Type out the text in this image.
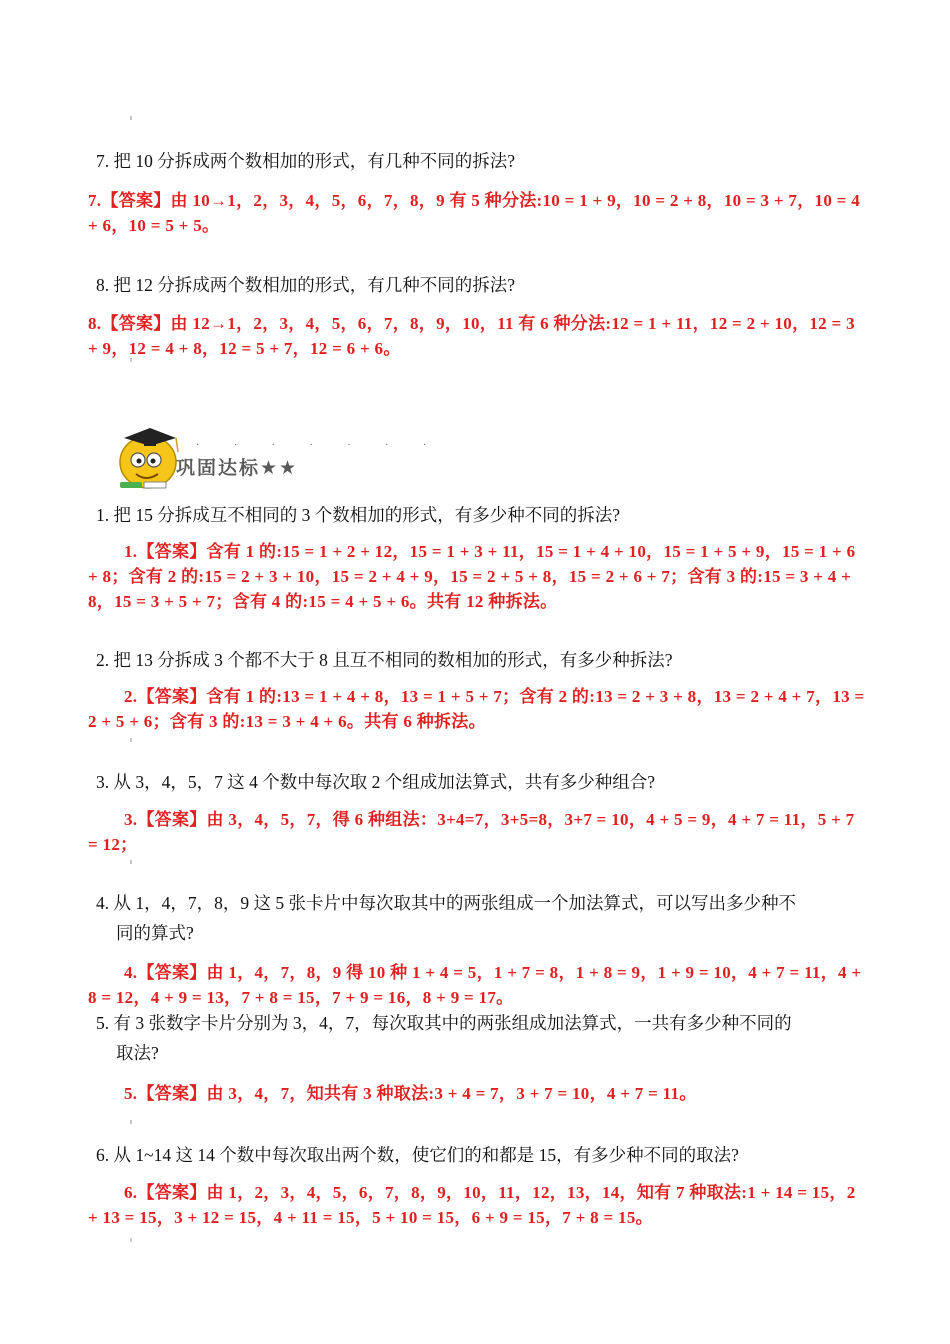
7. 把 10 分拆成两个数相加的形式，有几种不同的拆法?
7.【答案】由 10→1，2，3，4，5，6，7，8，9 有 5 种分法:10 = 1 + 9，10 = 2 + 8，10 = 3 + 7，10 = 4 + 6，10 = 5 + 5。
8. 把 12 分拆成两个数相加的形式，有几种不同的拆法?
8.【答案】由 12→1，2，3，4，5，6，7，8，9，10，11 有 6 种分法:12 = 1 + 11，12 = 2 + 10，12 = 3 + 9，12 = 4 + 8，12 = 5 + 7，12 = 6 + 6。
· · · · · · ·
巩固达标★★
1. 把 15 分拆成互不相同的 3 个数相加的形式，有多少种不同的拆法?
1.【答案】含有 1 的:15 = 1 + 2 + 12，15 = 1 + 3 + 11，15 = 1 + 4 + 10，15 = 1 + 5 + 9，15 = 1 + 6 + 8；含有 2 的:15 = 2 + 3 + 10，15 = 2 + 4 + 9，15 = 2 + 5 + 8，15 = 2 + 6 + 7；含有 3 的:15 = 3 + 4 + 8，15 = 3 + 5 + 7；含有 4 的:15 = 4 + 5 + 6。共有 12 种拆法。
2. 把 13 分拆成 3 个都不大于 8 且互不相同的数相加的形式，有多少种拆法?
2.【答案】含有 1 的:13 = 1 + 4 + 8，13 = 1 + 5 + 7；含有 2 的:13 = 2 + 3 + 8，13 = 2 + 4 + 7，13 = 2 + 5 + 6；含有 3 的:13 = 3 + 4 + 6。共有 6 种拆法。
3. 从 3，4，5，7 这 4 个数中每次取 2 个组成加法算式，共有多少种组合?
3.【答案】由 3，4，5，7，得 6 种组法：3+4=7，3+5=8，3+7 = 10，4 + 5 = 9，4 + 7 = 11，5 + 7 = 12；
4. 从 1，4，7，8，9 这 5 张卡片中每次取其中的两张组成一个加法算式，可以写出多少种不
同的算式?
4.【答案】由 1，4，7，8，9 得 10 种 1 + 4 = 5，1 + 7 = 8，1 + 8 = 9，1 + 9 = 10，4 + 7 = 11，4 + 8 = 12，4 + 9 = 13，7 + 8 = 15，7 + 9 = 16，8 + 9 = 17。
5. 有 3 张数字卡片分别为 3，4，7，每次取其中的两张组成加法算式，一共有多少种不同的
取法?
5.【答案】由 3，4，7，知共有 3 种取法:3 + 4 = 7，3 + 7 = 10，4 + 7 = 11。
6. 从 1~14 这 14 个数中每次取出两个数，使它们的和都是 15，有多少种不同的取法?
6.【答案】由 1，2，3，4，5，6，7，8，9，10，11，12，13，14，知有 7 种取法:1 + 14 = 15，2 + 13 = 15，3 + 12 = 15，4 + 11 = 15，5 + 10 = 15，6 + 9 = 15，7 + 8 = 15。
